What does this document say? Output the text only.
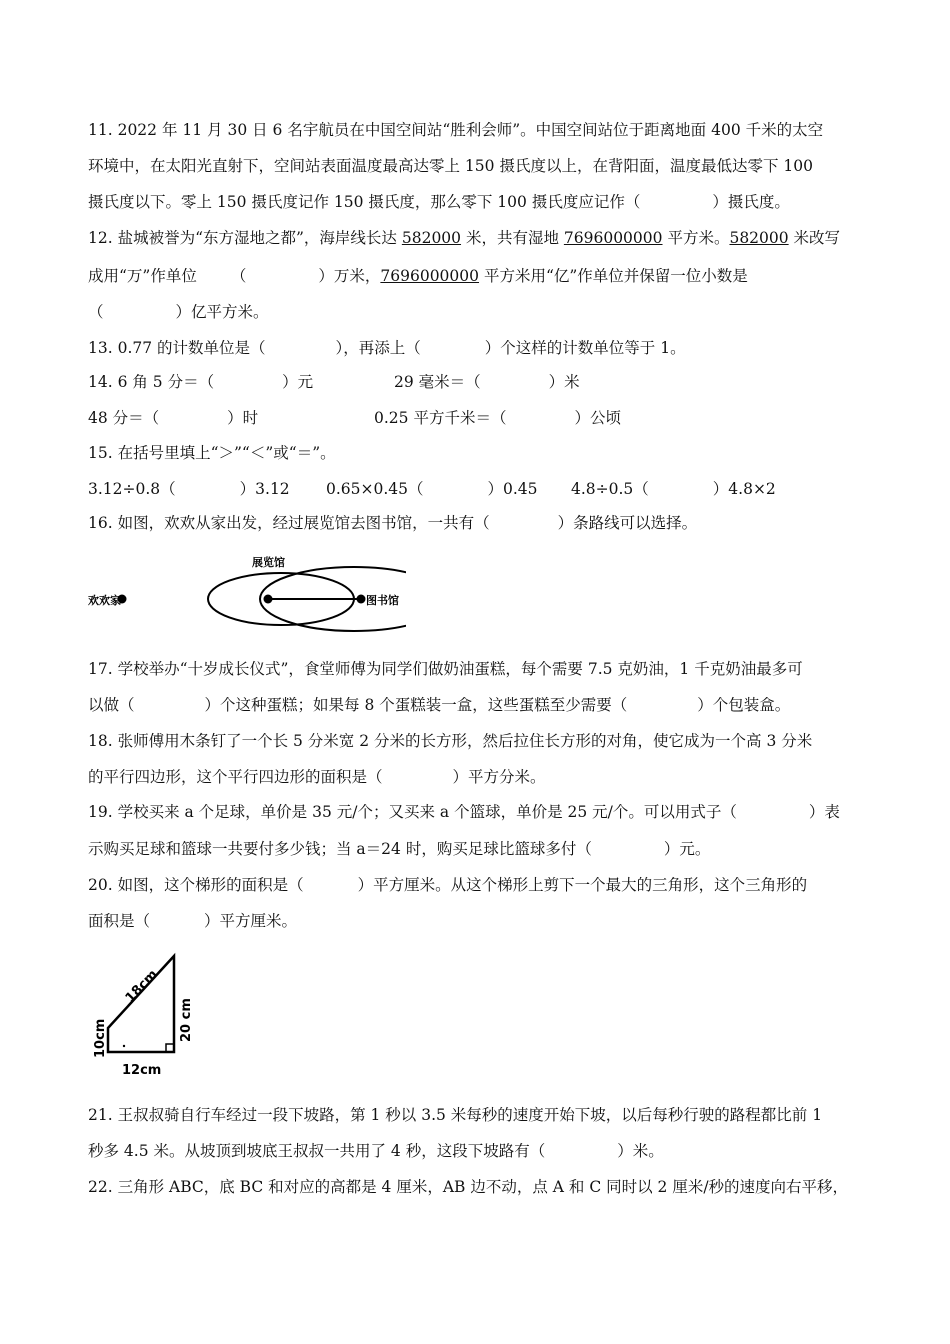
11. 2022 年 11 月 30 日 6 名宇航员在中国空间站“胜利会师”。中国空间站位于距离地面 400 千米的太空
环境中，在太阳光直射下，空间站表面温度最高达零上 150 摄氏度以上，在背阳面，温度最低达零下 100
摄氏度以下。零上 150 摄氏度记作 150 摄氏度，那么零下 100 摄氏度应记作（	）摄氏度。
12. 盐城被誉为“东方湿地之都”，海岸线长达 582000 米，共有湿地 7696000000 平方米。582000 米改写
成用“万”作单位 （	）万米，7696000000 平方米用“亿”作单位并保留一位小数是
（	）亿平方米。
13. 0.77 的计数单位是（	），再添上（	）个这样的计数单位等于 1。
14. 6 角 5 分＝（	）元	29 毫米＝（	）米
48 分＝（	）时	0.25 平方千米＝（	）公顷
15. 在括号里填上“＞”“＜”或“＝”。
3.12÷0.8（	）3.12 0.65×0.45（	）0.45 4.8÷0.5（	）4.8×2
16. 如图，欢欢从家出发，经过展览馆去图书馆，一共有（	）条路线可以选择。
欢欢家
展览馆
图书馆
17. 学校举办“十岁成长仪式”，食堂师傅为同学们做奶油蛋糕，每个需要 7.5 克奶油，1 千克奶油最多可
以做（	）个这种蛋糕；如果每 8 个蛋糕装一盒，这些蛋糕至少需要（	）个包装盒。
18. 张师傅用木条钉了一个长 5 分米宽 2 分米的长方形，然后拉住长方形的对角，使它成为一个高 3 分米
的平行四边形，这个平行四边形的面积是（	）平方分米。
19. 学校买来 a 个足球，单价是 35 元/个；又买来 a 个篮球，单价是 25 元/个。可以用式子（	）表
示购买足球和篮球一共要付多少钱；当 a＝24 时，购买足球比篮球多付（	）元。
20. 如图，这个梯形的面积是（	）平方厘米。从这个梯形上剪下一个最大的三角形，这个三角形的
面积是（	）平方厘米。
18cm
20 cm
10cm
12cm
21. 王叔叔骑自行车经过一段下坡路，第 1 秒以 3.5 米每秒的速度开始下坡，以后每秒行驶的路程都比前 1
秒多 4.5 米。从坡顶到坡底王叔叔一共用了 4 秒，这段下坡路有（	）米。
22. 三角形 ABC，底 BC 和对应的高都是 4 厘米，AB 边不动，点 A 和 C 同时以 2 厘米/秒的速度向右平移，
